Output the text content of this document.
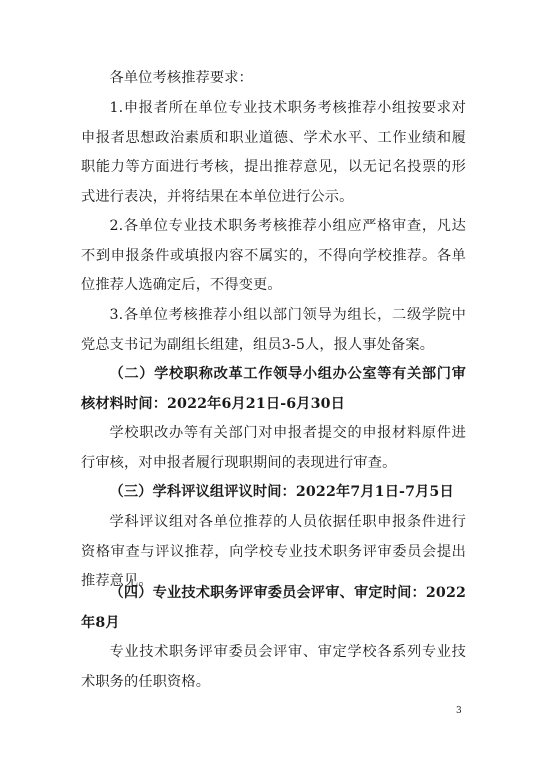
各单位考核推荐要求：

1.申报者所在单位专业技术职务考核推荐小组按要求对申报者思想政治素质和职业道德、学术水平、工作业绩和履职能力等方面进行考核，提出推荐意见，以无记名投票的形式进行表决，并将结果在本单位进行公示。

2.各单位专业技术职务考核推荐小组应严格审查，凡达不到申报条件或填报内容不属实的，不得向学校推荐。各单位推荐人选确定后，不得变更。

3.各单位考核推荐小组以部门领导为组长，二级学院中党总支书记为副组长组建，组员3-5人，报人事处备案。

（二）学校职称改革工作领导小组办公室等有关部门审核材料时间：2022年6月21日-6月30日

学校职改办等有关部门对申报者提交的申报材料原件进行审核，对申报者履行现职期间的表现进行审查。

（三）学科评议组评议时间：2022年7月1日-7月5日

学科评议组对各单位推荐的人员依据任职申报条件进行资格审查与评议推荐，向学校专业技术职务评审委员会提出推荐意见。

（四）专业技术职务评审委员会评审、审定时间：2022年8月

专业技术职务评审委员会评审、审定学校各系列专业技术职务的任职资格。

3
